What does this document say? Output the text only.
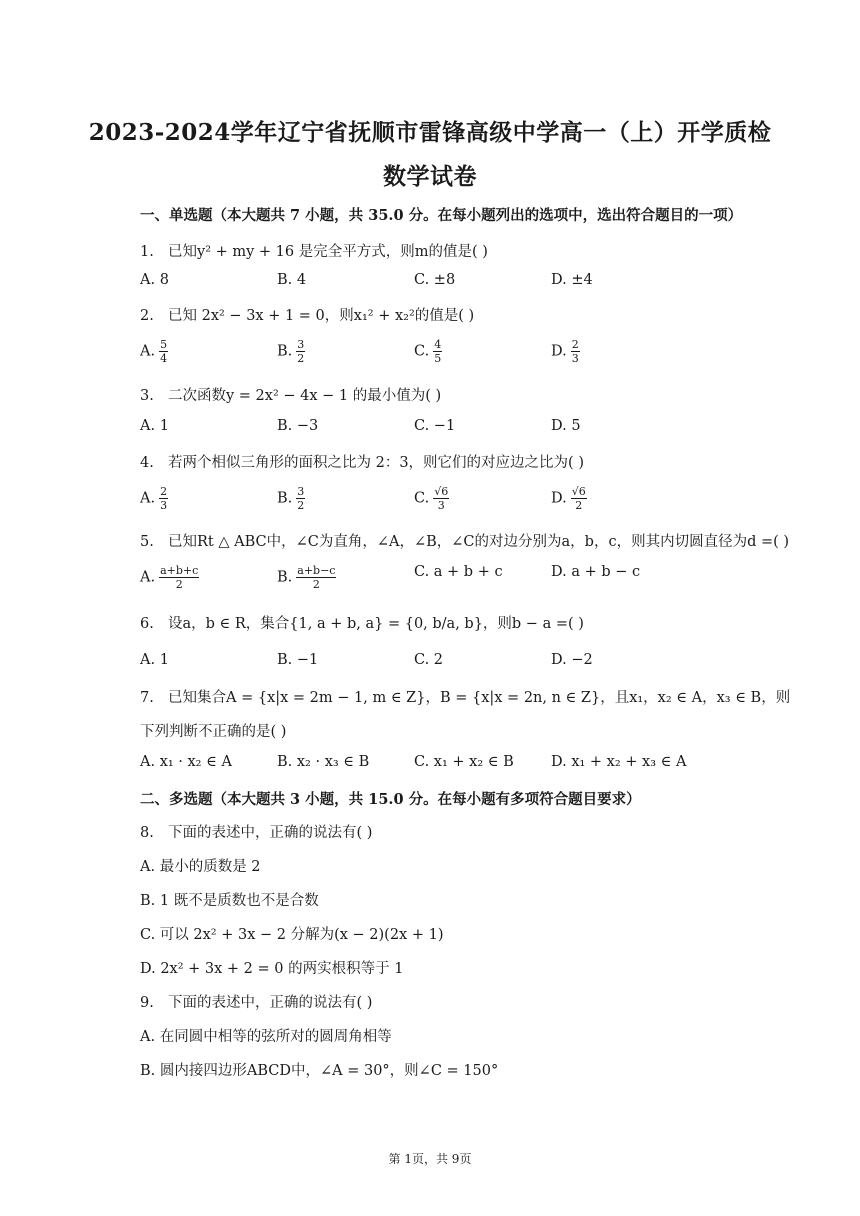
2023-2024学年辽宁省抚顺市雷锋高级中学高一（上）开学质检
数学试卷
一、单选题（本大题共 7 小题，共 35.0 分。在每小题列出的选项中，选出符合题目的一项）
1. 已知y² + my + 16 是完全平方式，则m的值是( )
A. 8	B. 4	C. ±8	D. ±4
2. 已知 2x² − 3x + 1 = 0，则x₁² + x₂²的值是( )
A. $\frac{5}{4}$	B. $\frac{3}{2}$	C. $\frac{4}{5}$	D. $\frac{2}{3}$
3. 二次函数y = 2x² − 4x − 1 的最小值为( )
A. 1	B. −3	C. −1	D. 5
4. 若两个相似三角形的面积之比为 2：3，则它们的对应边之比为( )
A. $\frac{2}{3}$	B. $\frac{3}{2}$	C. $\frac{√6}{3}$	D. $\frac{√6}{2}$
5. 已知Rt △ ABC中，∠C为直角，∠A，∠B，∠C的对边分别为a，b，c，则其内切圆直径为d =( )
A. $\frac{a+b+c}{2}$	B. $\frac{a+b-c}{2}$	C. a + b + c	D. a + b − c
6. 设a，b ∈ R，集合{1, a + b, a} = {0, b/a, b}，则b − a =( )
A. 1	B. −1	C. 2	D. −2
7. 已知集合A = {x|x = 2m − 1, m ∈ Z}，B = {x|x = 2n, n ∈ Z}，且x₁，x₂ ∈ A，x₃ ∈ B，则
下列判断不正确的是( )
A. x₁ · x₂ ∈ A	B. x₂ · x₃ ∈ B	C. x₁ + x₂ ∈ B	D. x₁ + x₂ + x₃ ∈ A
二、多选题（本大题共 3 小题，共 15.0 分。在每小题有多项符合题目要求）
8. 下面的表述中，正确的说法有( )
A. 最小的质数是 2
B. 1 既不是质数也不是合数
C. 可以 2x² + 3x − 2 分解为(x − 2)(2x + 1)
D. 2x² + 3x + 2 = 0 的两实根积等于 1
9. 下面的表述中，正确的说法有( )
A. 在同圆中相等的弦所对的圆周角相等
B. 圆内接四边形ABCD中，∠A = 30°，则∠C = 150°
第 1页，共 9页
